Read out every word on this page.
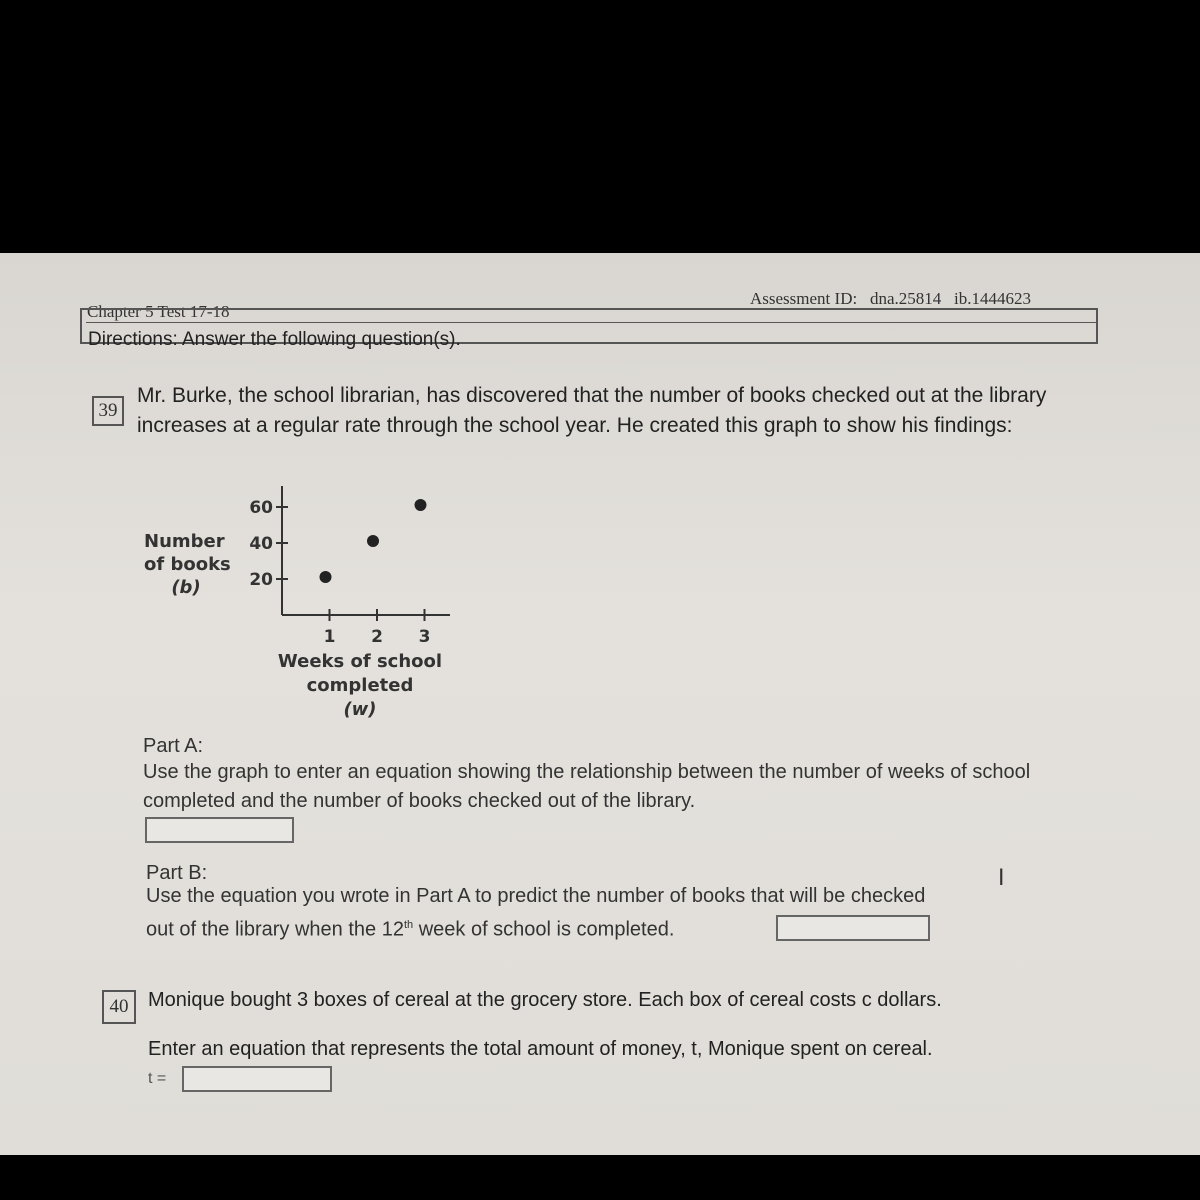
Chapter 5 Test 17-18
Assessment ID: dna.25814 ib.1444623
Directions: Answer the following question(s).
39
Mr. Burke, the school librarian, has discovered that the number of books checked out at the library increases at a regular rate through the school year. He created this graph to show his findings:
Number
of books
(b)	20
40
60
1 2 3
Weeks of school
completed
(w)
Part A:
Use the graph to enter an equation showing the relationship between the number of weeks of school completed and the number of books checked out of the library.
Part B:
Use the equation you wrote in Part A to predict the number of books that will be checked
out of the library when the 12th week of school is completed.
I
40 Monique bought 3 boxes of cereal at the grocery store. Each box of cereal costs c dollars.
Enter an equation that represents the total amount of money, t, Monique spent on cereal.
t =
